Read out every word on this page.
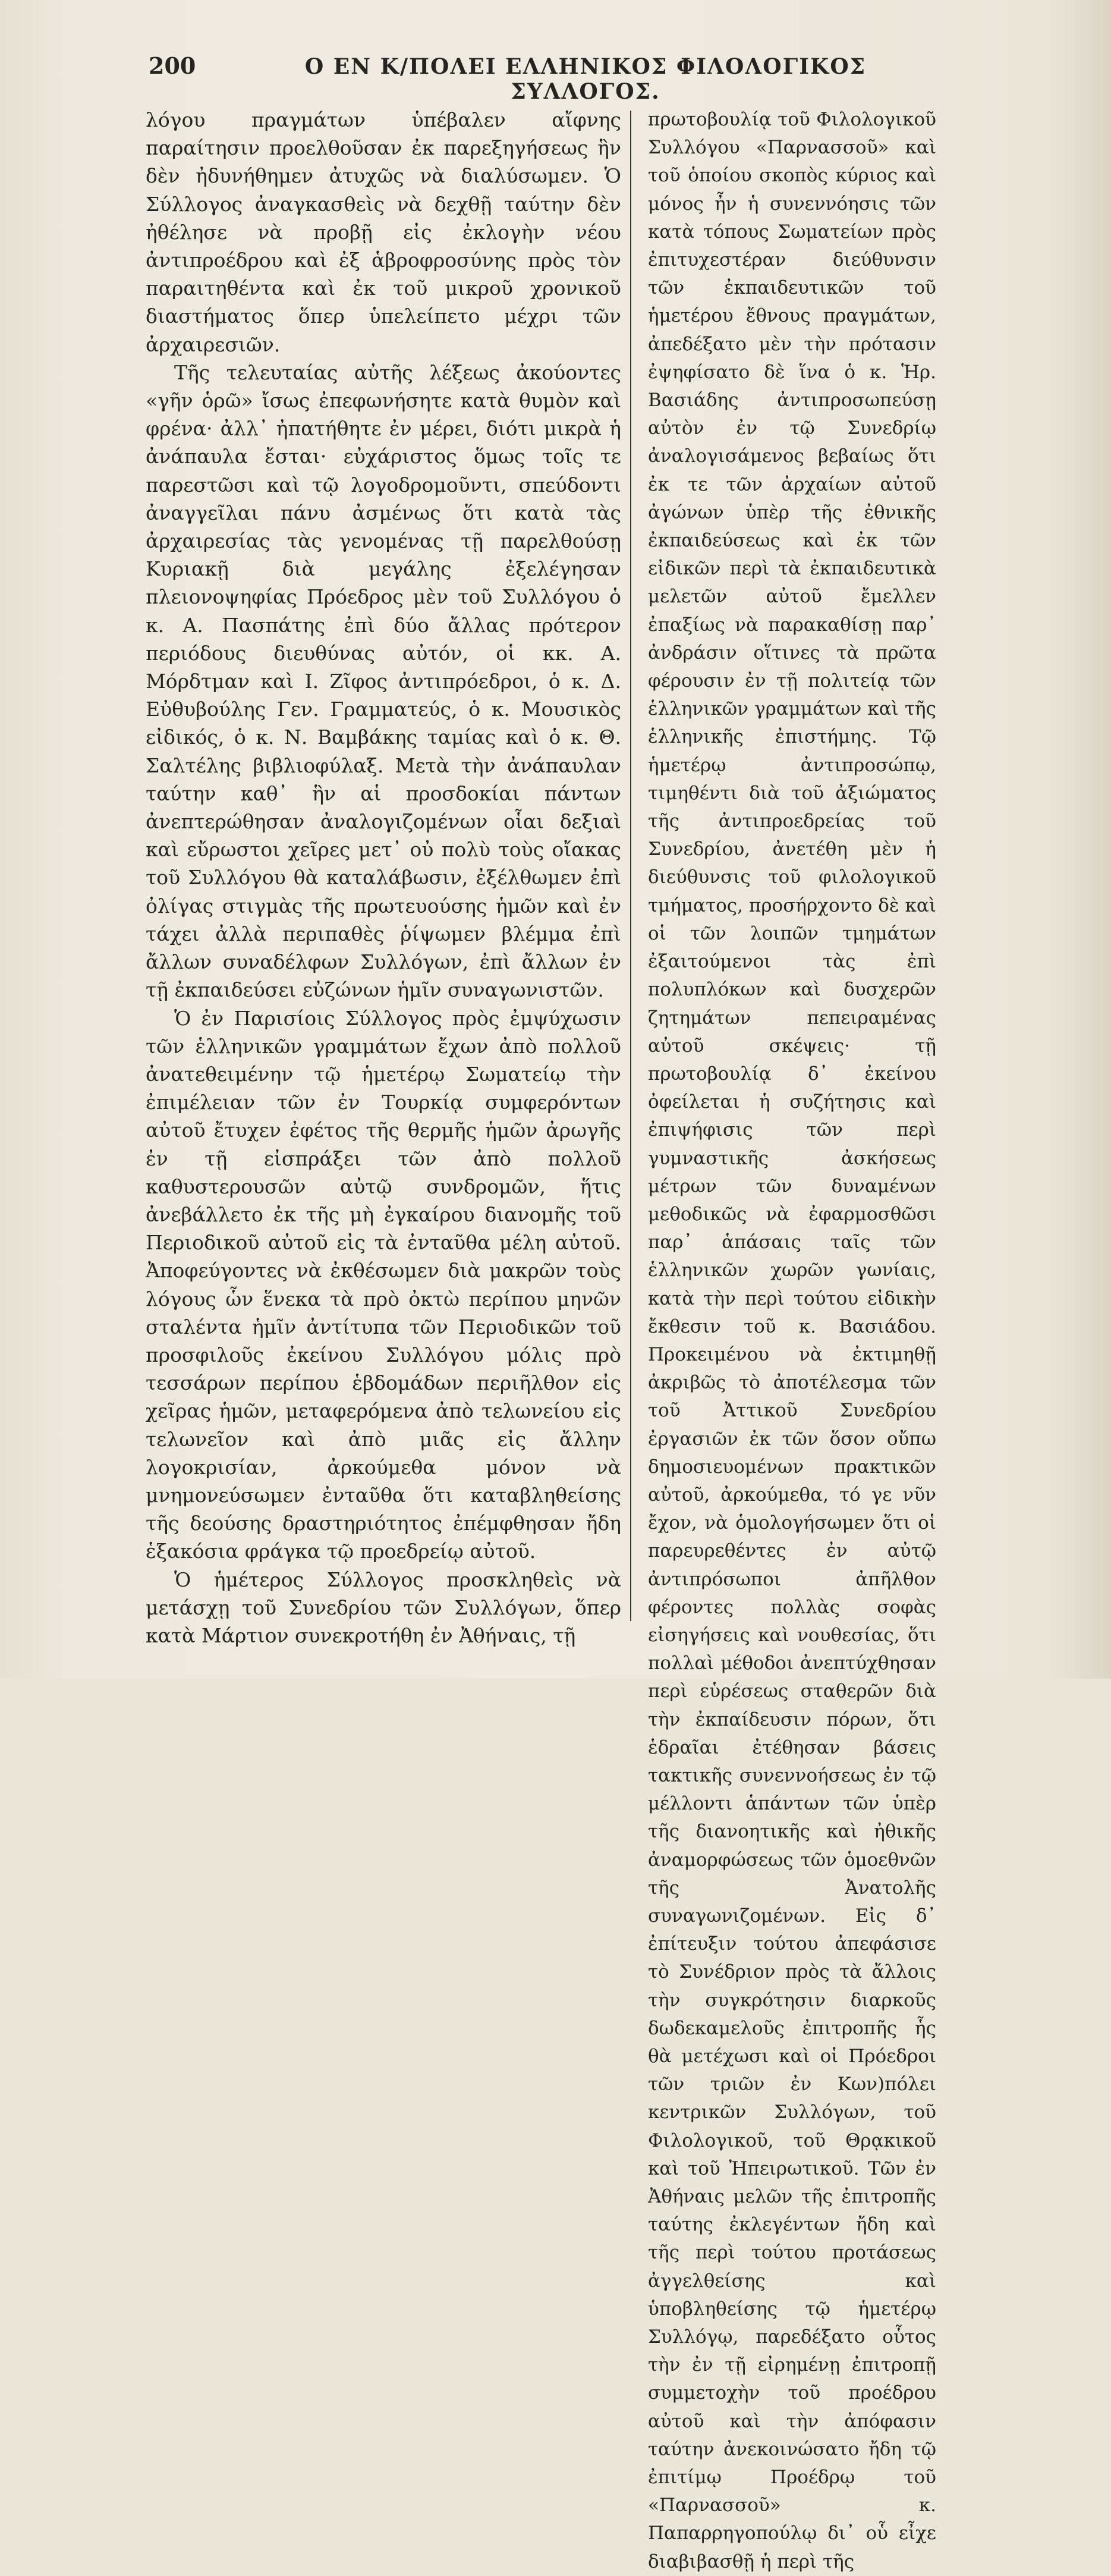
200	Ο ΕΝ Κ/ΠΟΛΕΙ ΕΛΛΗΝΙΚΟΣ ΦΙΛΟΛΟΓΙΚΟΣ ΣΥΛΛΟΓΟΣ.

λόγου πραγμάτων ὑπέβαλεν αἴφνης παραίτησιν προελθοῦσαν ἐκ παρεξηγήσεως ἣν δὲν ἠδυνήθημεν ἀτυχῶς νὰ διαλύσωμεν. Ὁ Σύλλογος ἀναγκασθεὶς νὰ δεχθῇ ταύτην δὲν ἠθέλησε νὰ προβῇ εἰς ἐκλογὴν νέου ἀντιπροέδρου καὶ ἐξ ἁβροφροσύνης πρὸς τὸν παραιτηθέντα καὶ ἐκ τοῦ μικροῦ χρονικοῦ διαστήματος ὅπερ ὑπελείπετο μέχρι τῶν ἀρχαιρεσιῶν.

Τῆς τελευταίας αὐτῆς λέξεως ἀκούοντες «γῆν ὁρῶ» ἴσως ἐπεφωνήσητε κατὰ θυμὸν καὶ φρένα· ἀλλ᾿ ἠπατήθητε ἐν μέρει, διότι μικρὰ ἡ ἀνάπαυλα ἔσται· εὐχάριστος ὅμως τοῖς τε παρεστῶσι καὶ τῷ λογοδρομοῦντι, σπεύδοντι ἀναγγεῖλαι πάνυ ἀσμένως ὅτι κατὰ τὰς ἀρχαιρεσίας τὰς γενομένας τῇ παρελθούσῃ Κυριακῇ διὰ μεγάλης ἐξελέγησαν πλειονοψηφίας Πρόεδρος μὲν τοῦ Συλλόγου ὁ κ. Α. Πασπάτης ἐπὶ δύο ἄλλας πρότερον περιόδους διευθύνας αὐτόν, οἱ κκ. Α. Μόρδτμαν καὶ Ι. Ζῖφος ἀντιπρόεδροι, ὁ κ. Δ. Εὐθυβούλης Γεν. Γραμματεύς, ὁ κ. Μουσικὸς εἰδικός, ὁ κ. Ν. Βαμβάκης ταμίας καὶ ὁ κ. Θ. Σαλτέλης βιβλιοφύλαξ. Μετὰ τὴν ἀνάπαυλαν ταύτην καθ᾿ ἣν αἱ προσδοκίαι πάντων ἀνεπτερώθησαν ἀναλογιζομένων οἷαι δεξιαὶ καὶ εὔρωστοι χεῖρες μετ᾿ οὐ πολὺ τοὺς οἴακας τοῦ Συλλόγου θὰ καταλάβωσιν, ἐξέλθωμεν ἐπὶ ὀλίγας στιγμὰς τῆς πρωτευούσης ἡμῶν καὶ ἐν τάχει ἀλλὰ περιπαθὲς ῥίψωμεν βλέμμα ἐπὶ ἄλλων συναδέλφων Συλλόγων, ἐπὶ ἄλλων ἐν τῇ ἐκπαιδεύσει εὐζώνων ἡμῖν συναγωνιστῶν.

Ὁ ἐν Παρισίοις Σύλλογος πρὸς ἐμψύχωσιν τῶν ἑλληνικῶν γραμμάτων ἔχων ἀπὸ πολλοῦ ἀνατεθειμένην τῷ ἡμετέρῳ Σωματείῳ τὴν ἐπιμέλειαν τῶν ἐν Τουρκίᾳ συμφερόντων αὐτοῦ ἔτυχεν ἐφέτος τῆς θερμῆς ἡμῶν ἀρωγῆς ἐν τῇ εἰσπράξει τῶν ἀπὸ πολλοῦ καθυστερουσῶν αὐτῷ συνδρομῶν, ἥτις ἀνεβάλλετο ἐκ τῆς μὴ ἐγκαίρου διανομῆς τοῦ Περιοδικοῦ αὐτοῦ εἰς τὰ ἐνταῦθα μέλη αὐτοῦ. Ἀποφεύγοντες νὰ ἐκθέσωμεν διὰ μακρῶν τοὺς λόγους ὧν ἕνεκα τὰ πρὸ ὀκτὼ περίπου μηνῶν σταλέντα ἡμῖν ἀντίτυπα τῶν Περιοδικῶν τοῦ προσφιλοῦς ἐκείνου Συλλόγου μόλις πρὸ τεσσάρων περίπου ἑβδομάδων περιῆλθον εἰς χεῖρας ἡμῶν, μεταφερόμενα ἀπὸ τελωνείου εἰς τελωνεῖον καὶ ἀπὸ μιᾶς εἰς ἄλλην λογοκρισίαν, ἀρκούμεθα μόνον νὰ μνημονεύσωμεν ἐνταῦθα ὅτι καταβληθείσης τῆς δεούσης δραστηριότητος ἐπέμφθησαν ἤδη ἑξακόσια φράγκα τῷ προεδρείῳ αὐτοῦ.

Ὁ ἡμέτερος Σύλλογος προσκληθεὶς νὰ μετάσχῃ τοῦ Συνεδρίου τῶν Συλλόγων, ὅπερ κατὰ Μάρτιον συνεκροτήθη ἐν Ἀθήναις, τῇ

πρωτοβουλίᾳ τοῦ Φιλολογικοῦ Συλλόγου «Παρνασσοῦ» καὶ τοῦ ὁποίου σκοπὸς κύριος καὶ μόνος ἦν ἡ συνεννόησις τῶν κατὰ τόπους Σωματείων πρὸς ἐπιτυχεστέραν διεύθυνσιν τῶν ἐκπαιδευτικῶν τοῦ ἡμετέρου ἔθνους πραγμάτων, ἀπεδέξατο μὲν τὴν πρότασιν ἐψηφίσατο δὲ ἵνα ὁ κ. Ἡρ. Βασιάδης ἀντιπροσωπεύσῃ αὐτὸν ἐν τῷ Συνεδρίῳ ἀναλογισάμενος βεβαίως ὅτι ἐκ τε τῶν ἀρχαίων αὐτοῦ ἀγώνων ὑπὲρ τῆς ἐθνικῆς ἐκπαιδεύσεως καὶ ἐκ τῶν εἰδικῶν περὶ τὰ ἐκπαιδευτικὰ μελετῶν αὐτοῦ ἔμελλεν ἐπαξίως νὰ παρακαθίσῃ παρ᾿ ἀνδράσιν οἵτινες τὰ πρῶτα φέρουσιν ἐν τῇ πολιτείᾳ τῶν ἑλληνικῶν γραμμάτων καὶ τῆς ἑλληνικῆς ἐπιστήμης. Τῷ ἡμετέρῳ ἀντιπροσώπῳ, τιμηθέντι διὰ τοῦ ἀξιώματος τῆς ἀντιπροεδρείας τοῦ Συνεδρίου, ἀνετέθη μὲν ἡ διεύθυνσις τοῦ φιλολογικοῦ τμήματος, προσήρχοντο δὲ καὶ οἱ τῶν λοιπῶν τμημάτων ἐξαιτούμενοι τὰς ἐπὶ πολυπλόκων καὶ δυσχερῶν ζητημάτων πεπειραμένας αὐτοῦ σκέψεις· τῇ πρωτοβουλίᾳ δ᾿ ἐκείνου ὀφείλεται ἡ συζήτησις καὶ ἐπιψήφισις τῶν περὶ γυμναστικῆς ἀσκήσεως μέτρων τῶν δυναμένων μεθοδικῶς νὰ ἐφαρμοσθῶσι παρ᾿ ἁπάσαις ταῖς τῶν ἑλληνικῶν χωρῶν γωνίαις, κατὰ τὴν περὶ τούτου εἰδικὴν ἔκθεσιν τοῦ κ. Βασιάδου. Προκειμένου νὰ ἐκτιμηθῇ ἀκριβῶς τὸ ἀποτέλεσμα τῶν τοῦ Ἀττικοῦ Συνεδρίου ἐργασιῶν ἐκ τῶν ὅσον οὔπω δημοσιευομένων πρακτικῶν αὐτοῦ, ἀρκούμεθα, τό γε νῦν ἔχον, νὰ ὁμολογήσωμεν ὅτι οἱ παρευρεθέντες ἐν αὐτῷ ἀντιπρόσωποι ἀπῆλθον φέροντες πολλὰς σοφὰς εἰσηγήσεις καὶ νουθεσίας, ὅτι πολλαὶ μέθοδοι ἀνεπτύχθησαν περὶ εὑρέσεως σταθερῶν διὰ τὴν ἐκπαίδευσιν πόρων, ὅτι ἑδραῖαι ἐτέθησαν βάσεις τακτικῆς συνεννοήσεως ἐν τῷ μέλλοντι ἁπάντων τῶν ὑπὲρ τῆς διανοητικῆς καὶ ἠθικῆς ἀναμορφώσεως τῶν ὁμοεθνῶν τῆς Ἀνατολῆς συναγωνιζομένων. Εἰς δ᾿ ἐπίτευξιν τούτου ἀπεφάσισε τὸ Συνέδριον πρὸς τὰ ἄλλοις τὴν συγκρότησιν διαρκοῦς δωδεκαμελοῦς ἐπιτροπῆς ἧς θὰ μετέχωσι καὶ οἱ Πρόεδροι τῶν τριῶν ἐν Κων)πόλει κεντρικῶν Συλλόγων, τοῦ Φιλολογικοῦ, τοῦ Θρᾳκικοῦ καὶ τοῦ Ἠπειρωτικοῦ. Τῶν ἐν Ἀθήναις μελῶν τῆς ἐπιτροπῆς ταύτης ἐκλεγέντων ἤδη καὶ τῆς περὶ τούτου προτάσεως ἀγγελθείσης καὶ ὑποβληθείσης τῷ ἡμετέρῳ Συλλόγῳ, παρεδέξατο οὗτος τὴν ἐν τῇ εἰρημένῃ ἐπιτροπῇ συμμετοχὴν τοῦ προέδρου αὐτοῦ καὶ τὴν ἀπόφασιν ταύτην ἀνεκοινώσατο ἤδη τῷ ἐπιτίμῳ Προέδρῳ τοῦ «Παρνασσοῦ» κ. Παπαρρηγοπούλῳ δι᾿ οὗ εἶχε διαβιβασθῇ ἡ περὶ τῆς
